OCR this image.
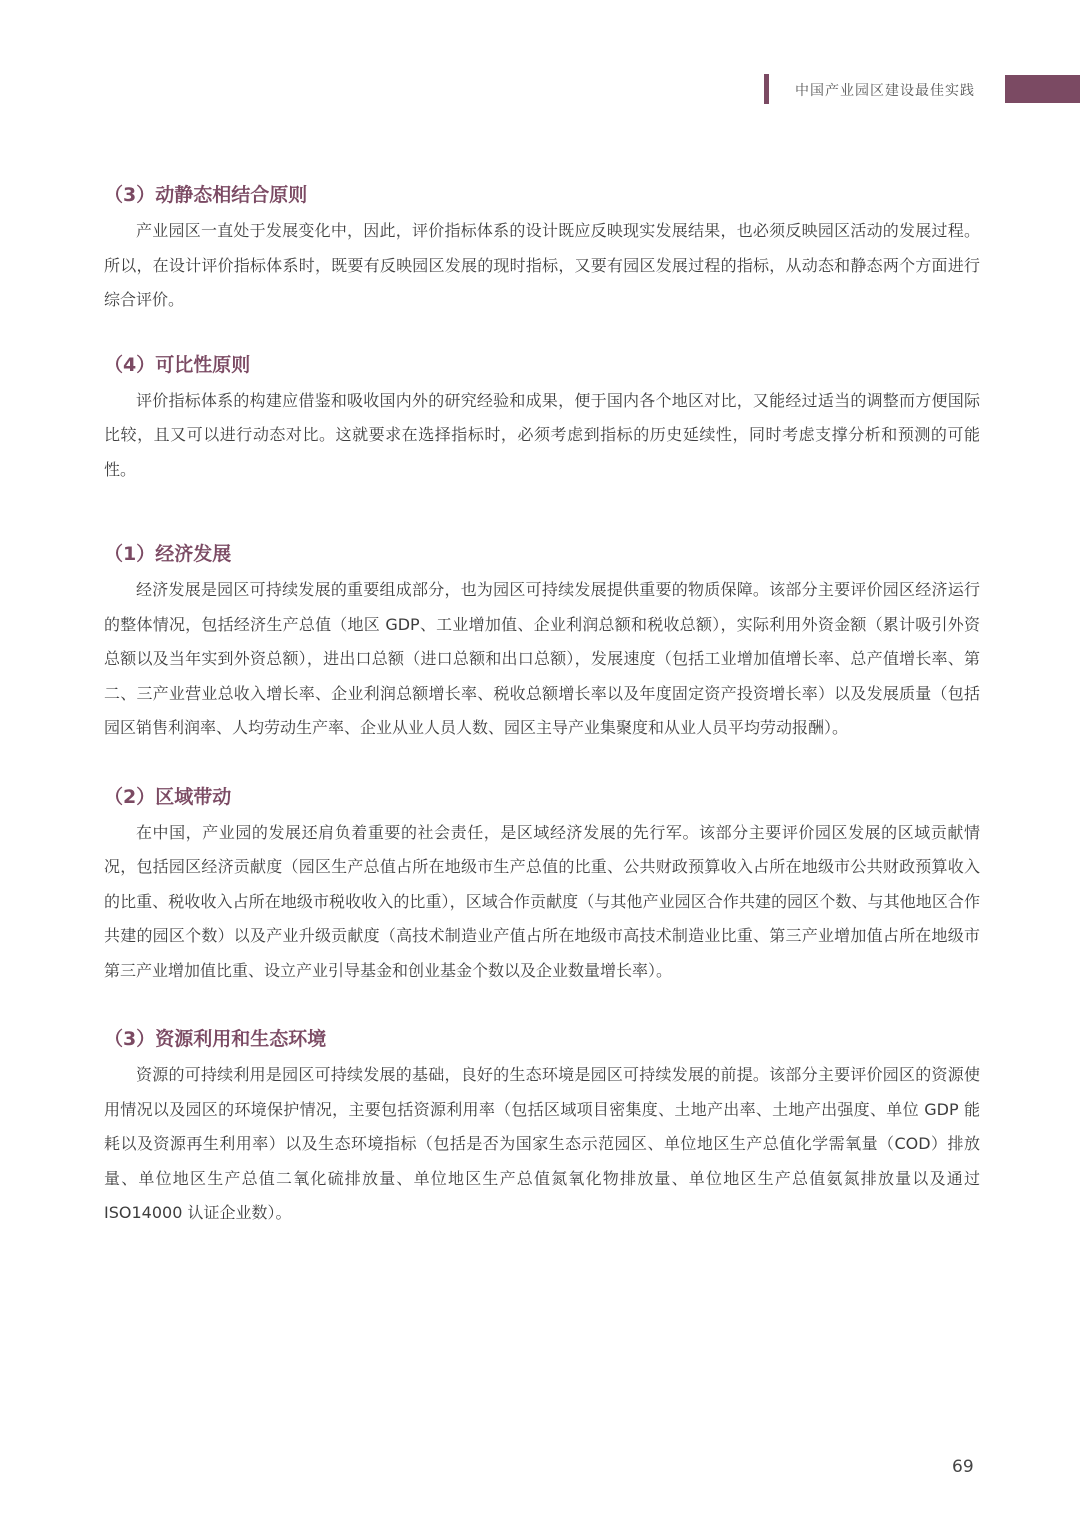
中国产业园区建设最佳实践
（3）动静态相结合原则

产业园区一直处于发展变化中，因此，评价指标体系的设计既应反映现实发展结果，也必须反映园区活动的发展过程。所以，在设计评价指标体系时，既要有反映园区发展的现时指标，又要有园区发展过程的指标，从动态和静态两个方面进行综合评价。

（4）可比性原则

评价指标体系的构建应借鉴和吸收国内外的研究经验和成果，便于国内各个地区对比，又能经过适当的调整而方便国际比较，且又可以进行动态对比。这就要求在选择指标时，必须考虑到指标的历史延续性，同时考虑支撑分析和预测的可能性。

（1）经济发展

经济发展是园区可持续发展的重要组成部分，也为园区可持续发展提供重要的物质保障。该部分主要评价园区经济运行的整体情况，包括经济生产总值（地区 GDP、工业增加值、企业利润总额和税收总额），实际利用外资金额（累计吸引外资总额以及当年实到外资总额），进出口总额（进口总额和出口总额），发展速度（包括工业增加值增长率、总产值增长率、第二、三产业营业总收入增长率、企业利润总额增长率、税收总额增长率以及年度固定资产投资增长率）以及发展质量（包括园区销售利润率、人均劳动生产率、企业从业人员人数、园区主导产业集聚度和从业人员平均劳动报酬）。

（2）区域带动

在中国，产业园的发展还肩负着重要的社会责任，是区域经济发展的先行军。该部分主要评价园区发展的区域贡献情况，包括园区经济贡献度（园区生产总值占所在地级市生产总值的比重、公共财政预算收入占所在地级市公共财政预算收入的比重、税收收入占所在地级市税收收入的比重），区域合作贡献度（与其他产业园区合作共建的园区个数、与其他地区合作共建的园区个数）以及产业升级贡献度（高技术制造业产值占所在地级市高技术制造业比重、第三产业增加值占所在地级市第三产业增加值比重、设立产业引导基金和创业基金个数以及企业数量增长率）。

（3）资源利用和生态环境

资源的可持续利用是园区可持续发展的基础，良好的生态环境是园区可持续发展的前提。该部分主要评价园区的资源使用情况以及园区的环境保护情况，主要包括资源利用率（包括区域项目密集度、土地产出率、土地产出强度、单位 GDP 能耗以及资源再生利用率）以及生态环境指标（包括是否为国家生态示范园区、单位地区生产总值化学需氧量（COD）排放量、单位地区生产总值二氧化硫排放量、单位地区生产总值氮氧化物排放量、单位地区生产总值氨氮排放量以及通过 ISO14000 认证企业数）。

69
